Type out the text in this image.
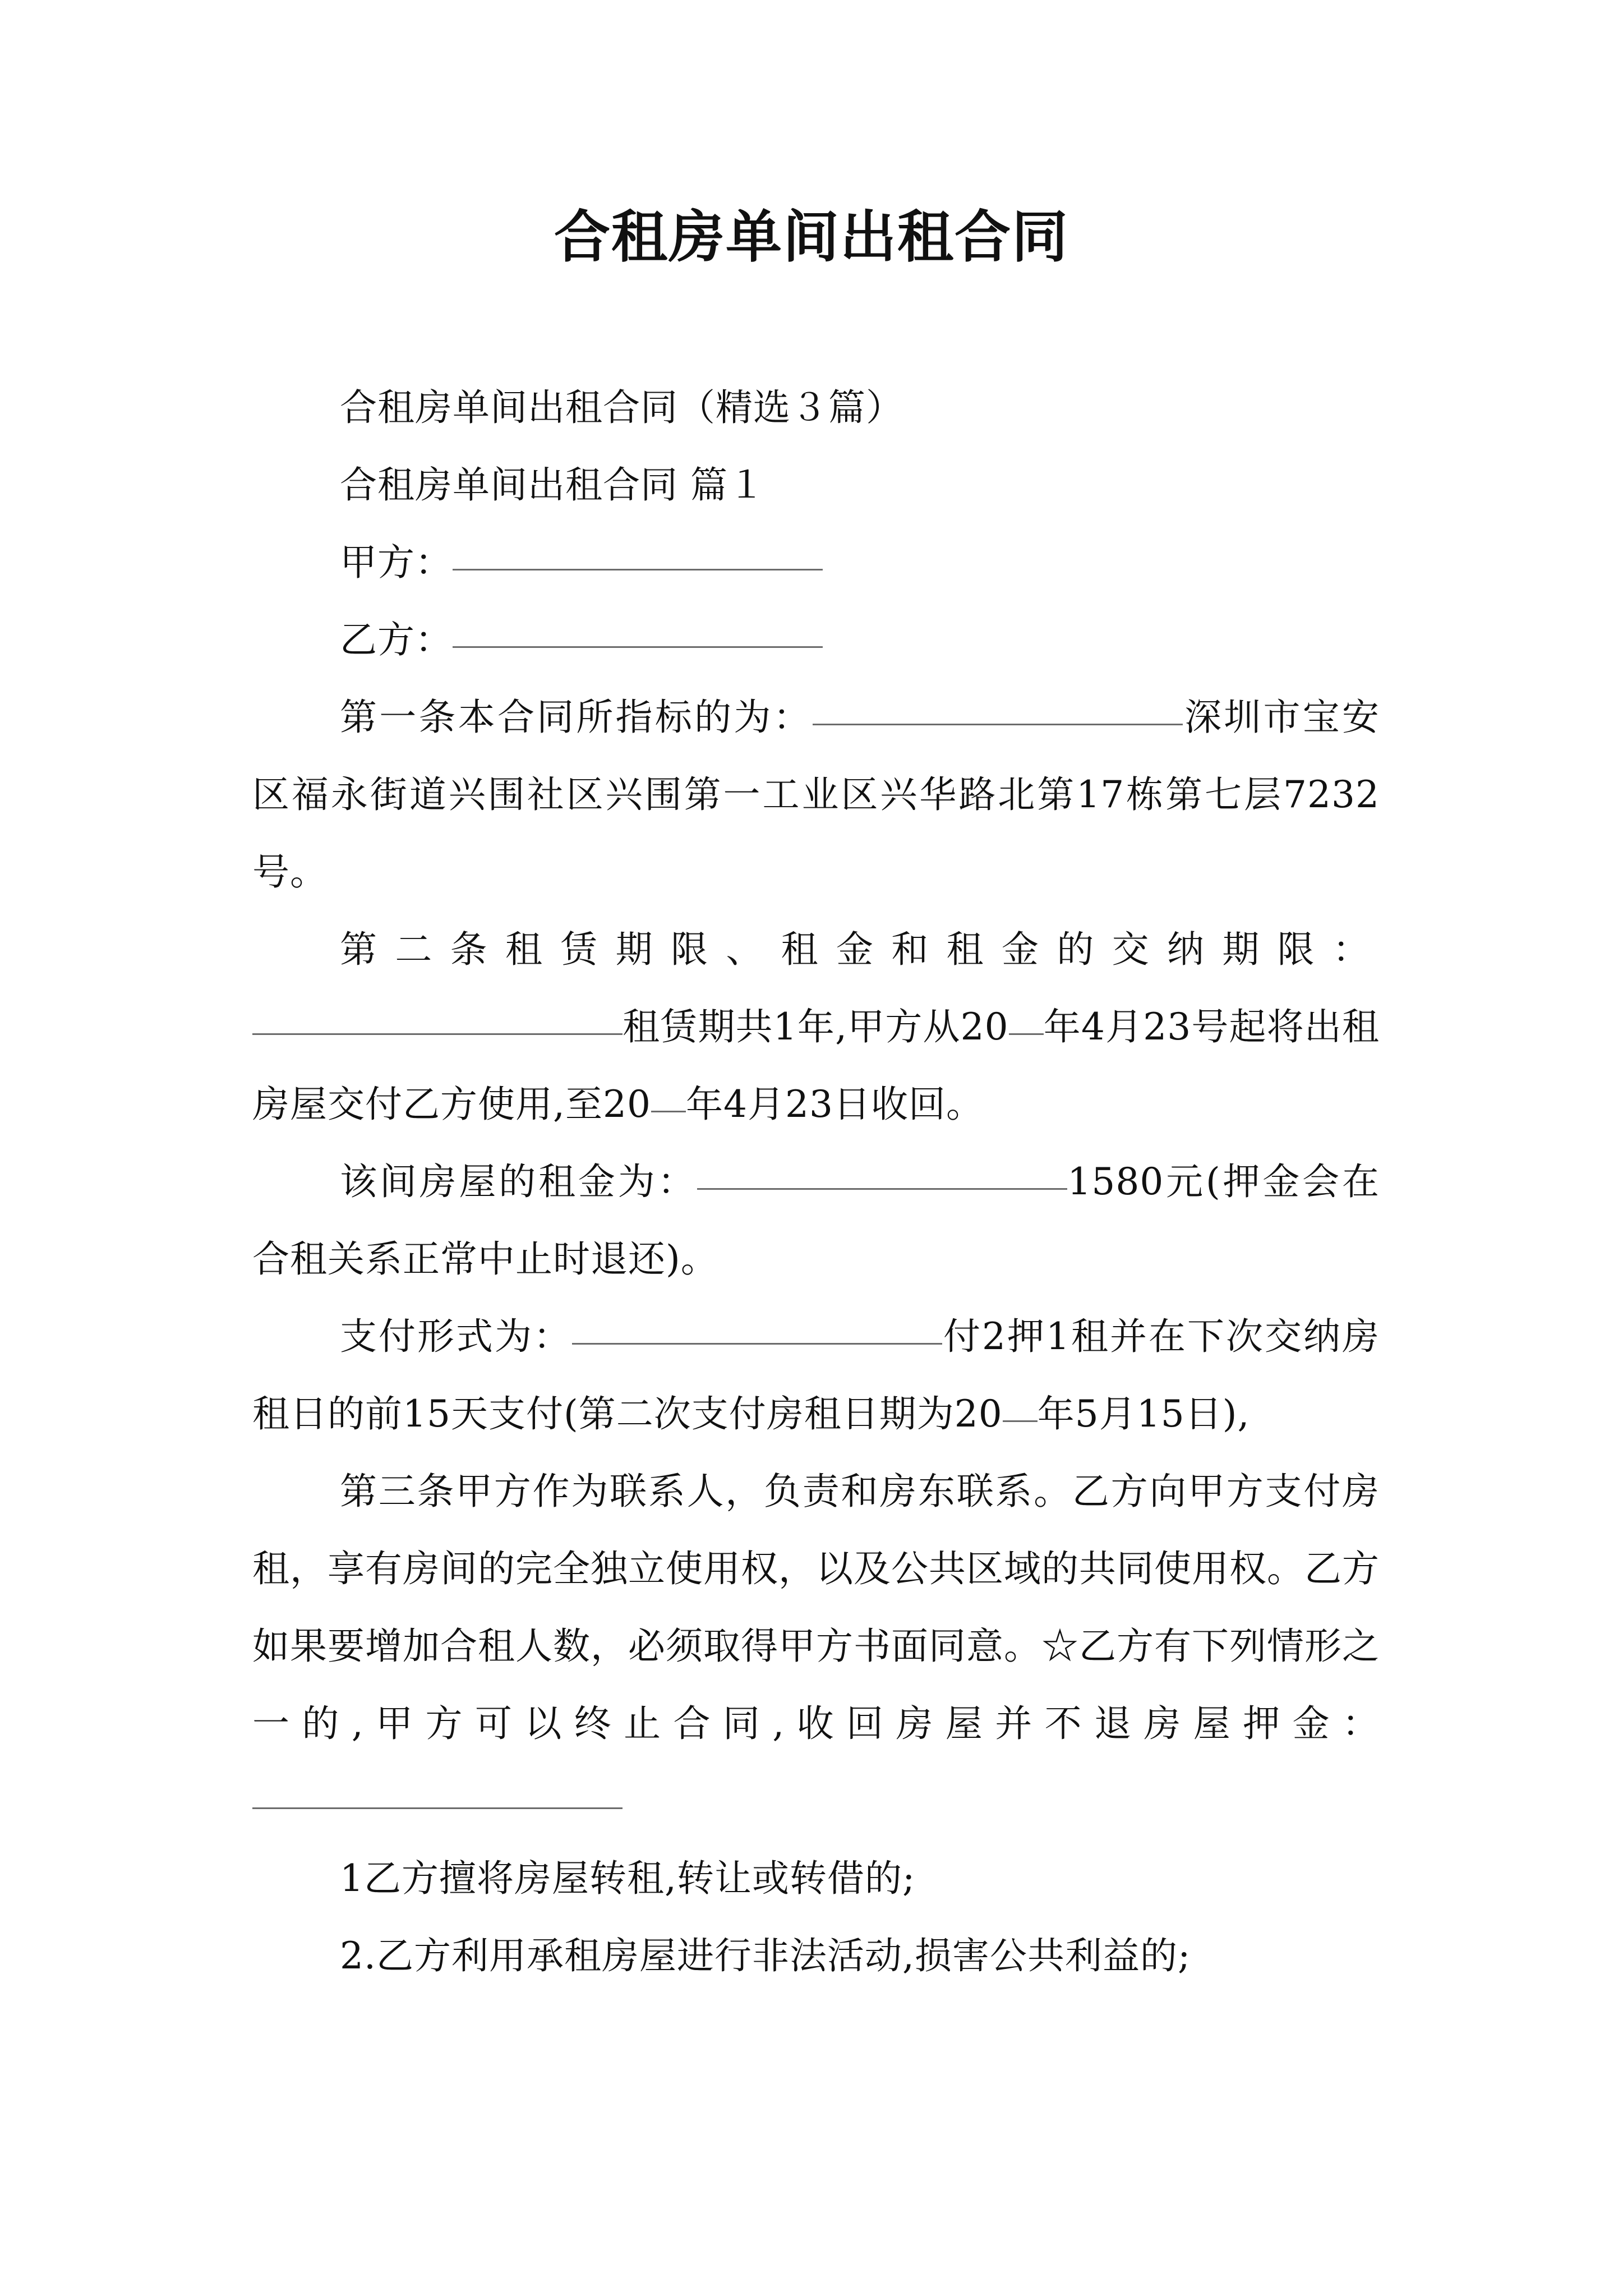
合租房单间出租合同

合租房单间出租合同（精选３篇）

合租房单间出租合同 篇１

甲方：

乙方：

第一条本合同所指标的为：	深圳市宝安区福永街道兴围社区兴围第一工业区兴华路北第17栋第七层7232号。

第二条租赁期限、租金和租金的交纳期限：

租赁期共1年,甲方从20 年4月23号起将出租房屋交付乙方使用,至20 年4月23日收回。

该间房屋的租金为：	1580元(押金会在合租关系正常中止时退还)。

支付形式为：	付2押1租并在下次交纳房租日的前15天支付(第二次支付房租日期为20 年5月15日),

第三条甲方作为联系人，负责和房东联系。乙方向甲方支付房租，享有房间的完全独立使用权，以及公共区域的共同使用权。乙方如果要增加合租人数，必须取得甲方书面同意。☆乙方有下列情形之一的,甲方可以终止合同,收回房屋并不退房屋押金：

1乙方擅将房屋转租,转让或转借的;

2.乙方利用承租房屋进行非法活动,损害公共利益的;
